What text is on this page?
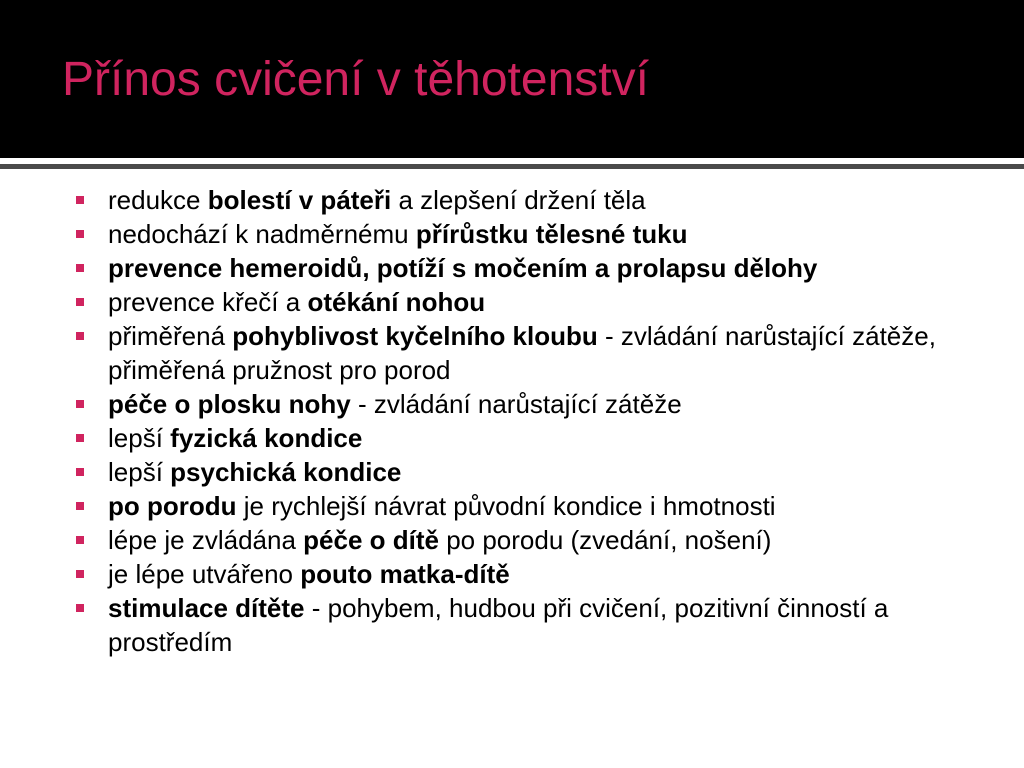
Přínos cvičení v těhotenství
redukce bolestí v páteři a zlepšení držení těla
nedochází k nadměrnému přírůstku tělesné tuku
prevence hemeroidů, potíží s močením a prolapsu dělohy
prevence křečí a otékání nohou
přiměřená pohyblivost kyčelního kloubu - zvládání narůstající zátěže, přiměřená pružnost pro porod
péče o plosku nohy - zvládání narůstající zátěže
lepší fyzická kondice
lepší psychická kondice
po porodu je rychlejší návrat původní kondice i hmotnosti
lépe je zvládána péče o dítě po porodu (zvedání, nošení)
je lépe utvářeno pouto matka-dítě
stimulace dítěte - pohybem, hudbou při cvičení, pozitivní činností a prostředím
